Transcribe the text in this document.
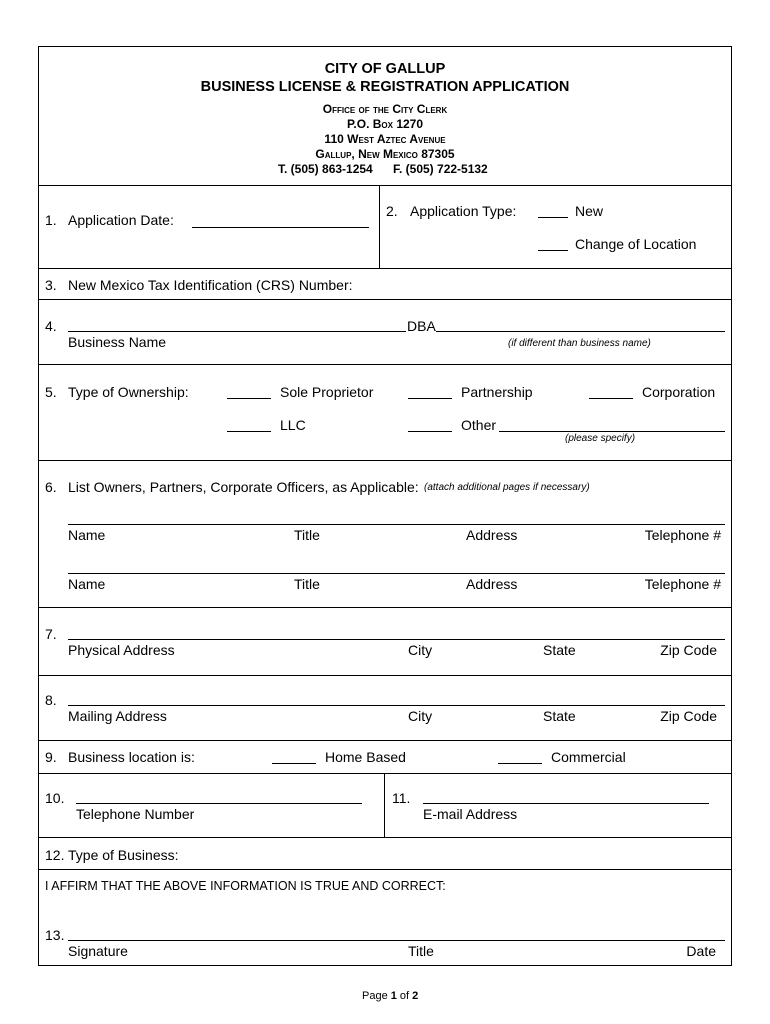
CITY OF GALLUP
BUSINESS LICENSE & REGISTRATION APPLICATION
Office of the City Clerk
P.O. Box 1270
110 West Aztec Avenue
Gallup, New Mexico 87305
T. (505) 863-1254 F. (505) 722-5132
1. Application Date:
2. Application Type:	New
Change of Location
3. New Mexico Tax Identification (CRS) Number:
4.	DBA
Business Name	(if different than business name)
5. Type of Ownership:	Sole Proprietor	Partnership	Corporation
LLC	Other
(please specify)
6. List Owners, Partners, Corporate Officers, as Applicable: (attach additional pages if necessary)
Name	Title	Address	Telephone #
Name	Title	Address	Telephone #
7.
Physical Address	City	State	Zip Code
8.
Mailing Address	City	State	Zip Code
9. Business location is:	Home Based	Commercial
10.
Telephone Number
11.
E-mail Address
12. Type of Business:
I AFFIRM THAT THE ABOVE INFORMATION IS TRUE AND CORRECT:
13.
Signature	Title	Date
Page 1 of 2
